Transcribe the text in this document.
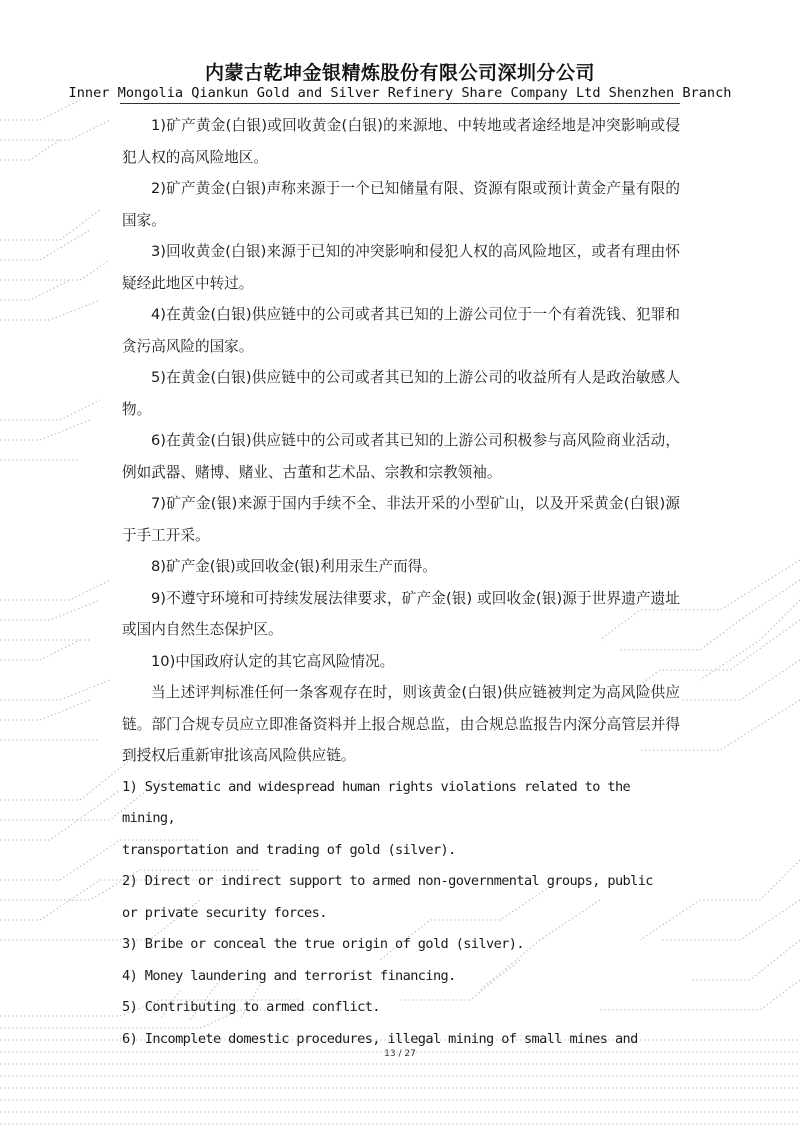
内蒙古乾坤金银精炼股份有限公司深圳分公司
Inner Mongolia Qiankun Gold and Silver Refinery Share Company Ltd Shenzhen Branch

1)矿产黄金(白银)或回收黄金(白银)的来源地、中转地或者途经地是冲突影响或侵犯人权的高风险地区。

2)矿产黄金(白银)声称来源于一个已知储量有限、资源有限或预计黄金产量有限的国家。

3)回收黄金(白银)来源于已知的冲突影响和侵犯人权的高风险地区，或者有理由怀疑经此地区中转过。

4)在黄金(白银)供应链中的公司或者其已知的上游公司位于一个有着洗钱、犯罪和贪污高风险的国家。

5)在黄金(白银)供应链中的公司或者其已知的上游公司的收益所有人是政治敏感人物。

6)在黄金(白银)供应链中的公司或者其已知的上游公司积极参与高风险商业活动，例如武器、赌博、赌业、古董和艺术品、宗教和宗教领袖。

7)矿产金(银)来源于国内手续不全、非法开采的小型矿山，以及开采黄金(白银)源于手工开采。

8)矿产金(银)或回收金(银)利用汞生产而得。

9)不遵守环境和可持续发展法律要求，矿产金(银) 或回收金(银)源于世界遗产遗址或国内自然生态保护区。

10)中国政府认定的其它高风险情况。

当上述评判标准任何一条客观存在时，则该黄金(白银)供应链被判定为高风险供应链。部门合规专员应立即准备资料并上报合规总监，由合规总监报告内深分高管层并得到授权后重新审批该高风险供应链。

1) Systematic and widespread human rights violations related to the mining,

transportation and trading of gold (silver).

2) Direct or indirect support to armed non-governmental groups, public

or private security forces.

3) Bribe or conceal the true origin of gold (silver).

4) Money laundering and terrorist financing.

5) Contributing to armed conflict.

6) Incomplete domestic procedures, illegal mining of small mines and

13 / 27
